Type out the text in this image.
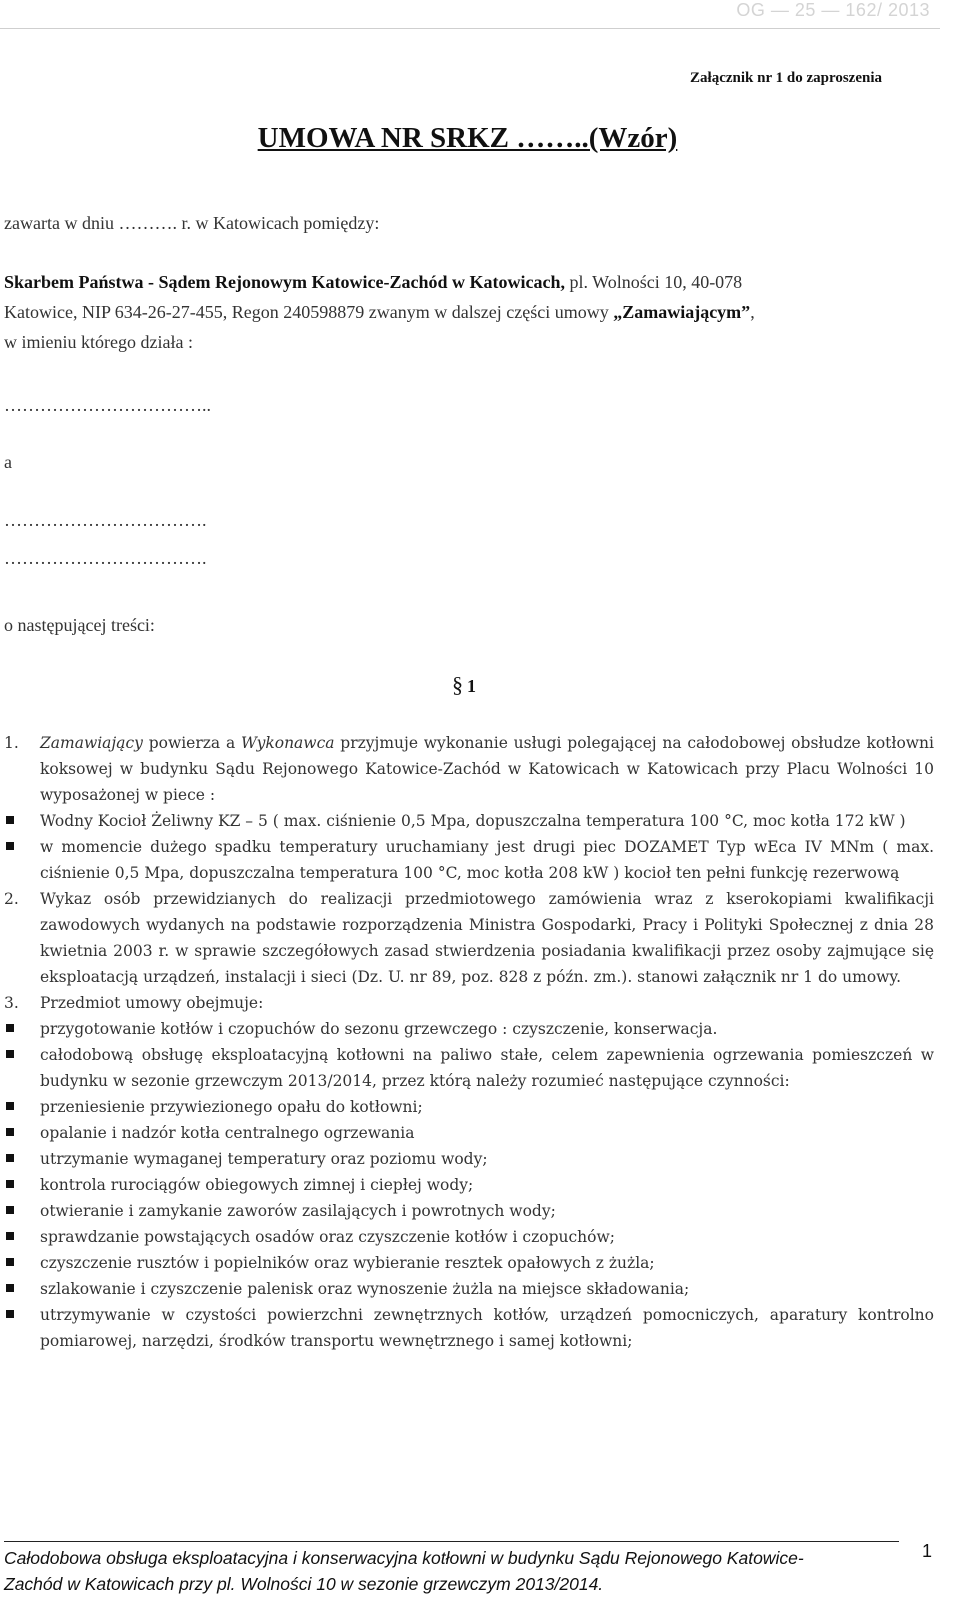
OG — 25 — 162/ 2013
Załącznik nr 1 do zaproszenia
UMOWA NR SRKZ ……..(Wzór)
zawarta w dniu ………. r. w Katowicach pomiędzy:
Skarbem Państwa - Sądem Rejonowym Katowice-Zachód w Katowicach, pl. Wolności 10, 40-078
Katowice, NIP 634-26-27-455, Regon 240598879 zwanym w dalszej części umowy „Zamawiającym”,
w imieniu którego działa :
……………………………..
a
…………………………….
…………………………….
o następującej treści:
§ 1
1. Zamawiający powierza a Wykonawca przyjmuje wykonanie usługi polegającej na całodobowej obsłudze kotłowni koksowej w budynku Sądu Rejonowego Katowice-Zachód w Katowicach w Katowicach przy Placu Wolności 10 wyposażonej w piece :
Wodny Kocioł Żeliwny KZ – 5 ( max. ciśnienie 0,5 Mpa, dopuszczalna temperatura 100 °C, moc kotła 172 kW )
w momencie dużego spadku temperatury uruchamiany jest drugi piec DOZAMET Typ wEca IV MNm ( max. ciśnienie 0,5 Mpa, dopuszczalna temperatura 100 °C, moc kotła 208 kW ) kocioł ten pełni funkcję rezerwową
2. Wykaz osób przewidzianych do realizacji przedmiotowego zamówienia wraz z kserokopiami kwalifikacji zawodowych wydanych na podstawie rozporządzenia Ministra Gospodarki, Pracy i Polityki Społecznej z dnia 28 kwietnia 2003 r. w sprawie szczegółowych zasad stwierdzenia posiadania kwalifikacji przez osoby zajmujące się eksploatacją urządzeń, instalacji i sieci (Dz. U. nr 89, poz. 828 z późn. zm.). stanowi załącznik nr 1 do umowy.
3. Przedmiot umowy obejmuje:
przygotowanie kotłów i czopuchów do sezonu grzewczego : czyszczenie, konserwacja.
całodobową obsługę eksploatacyjną kotłowni na paliwo stałe, celem zapewnienia ogrzewania pomieszczeń w budynku w sezonie grzewczym 2013/2014, przez którą należy rozumieć następujące czynności:
przeniesienie przywiezionego opału do kotłowni;
opalanie i nadzór kotła centralnego ogrzewania
utrzymanie wymaganej temperatury oraz poziomu wody;
kontrola rurociągów obiegowych zimnej i ciepłej wody;
otwieranie i zamykanie zaworów zasilających i powrotnych wody;
sprawdzanie powstających osadów oraz czyszczenie kotłów i czopuchów;
czyszczenie rusztów i popielników oraz wybieranie resztek opałowych z żużla;
szlakowanie i czyszczenie palenisk oraz wynoszenie żużla na miejsce składowania;
utrzymywanie w czystości powierzchni zewnętrznych kotłów, urządzeń pomocniczych, aparatury kontrolno pomiarowej, narzędzi, środków transportu wewnętrznego i samej kotłowni;
Całodobowa obsługa eksploatacyjna i konserwacyjna kotłowni w budynku Sądu Rejonowego Katowice-
Zachód w Katowicach przy pl. Wolności 10 w sezonie grzewczym 2013/2014.
1
